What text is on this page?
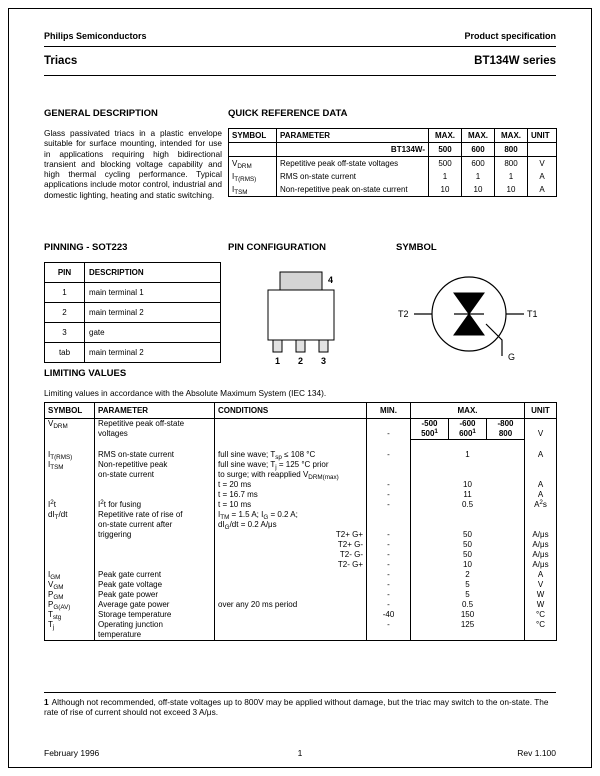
Philips Semiconductors	Product specification
Triacs	BT134W series
GENERAL DESCRIPTION

Glass passivated triacs in a plastic envelope suitable for surface mounting, intended for use in applications requiring high bidirectional transient and blocking voltage capability and high thermal cycling performance. Typical applications include motor control, industrial and domestic lighting, heating and static switching.

QUICK REFERENCE DATA
SYMBOL	PARAMETER	MAX.	MAX.	MAX.	UNIT
	BT134W-	500	600	800	
$V_{DRM}$	Repetitive peak off-state voltages	500	600	800	V
$I_{T(RMS)}$	RMS on-state current	1	1	1	A
$I_{TSM}$	Non-repetitive peak on-state current	10	10	10	A
PINNING - SOT223
PIN	DESCRIPTION
1	main terminal 1
2	main terminal 2
3	gate
tab	main terminal 2
PIN CONFIGURATION
4
1 2 3
SYMBOL
T2	T1
G
LIMITING VALUES

Limiting values in accordance with the Absolute Maximum System (IEC 134).

SYMBOL	PARAMETER	CONDITIONS	MIN.	MAX.			UNIT
$V_{DRM}$	Repetitive peak off-state			-500	-600	-800	
	voltages		-	$500^1$	$600^1$	800	V

$I_{T(RMS)}$	RMS on-state current	full sine wave; $T_{sp} \le 108$ °C	-	1			A
$I_{TSM}$	Non-repetitive peak	full sine wave; $T_j = 125$ °C prior					
	on-state current	to surge; with reapplied $V_{DRM(max)}$			
		t = 20 ms	-	10			A
		t = 16.7 ms	-	11			A
$I^2t$	$I^2t$ for fusing	t = 10 ms	-	0.5			$A^2s$
$dI_T/dt$	Repetitive rate of rise of	$I_{TM} = 1.5$ A; $I_G = 0.2$ A;					
	on-state current after	$dI_G/dt = 0.2$ A/μs					
	triggering	T2+ G+	-	50			A/μs
		T2+ G-	-	50			A/μs
		T2- G-	-	50			A/μs
		T2- G+	-	10			A/μs
$I_{GM}$	Peak gate current		-	2			A
$V_{GM}$	Peak gate voltage		-	5			V
$P_{GM}$	Peak gate power		-	5			W
$P_{G(AV)}$	Average gate power	over any 20 ms period	-	0.5			W
$T_{stg}$	Storage temperature		-40	150			°C
$T_j$	Operating junction		-	125			°C
	temperature						
1 Although not recommended, off-state voltages up to 800V may be applied without damage, but the triac may switch to the on-state. The rate of rise of current should not exceed 3 A/μs.
February 1996	1	Rev 1.100
